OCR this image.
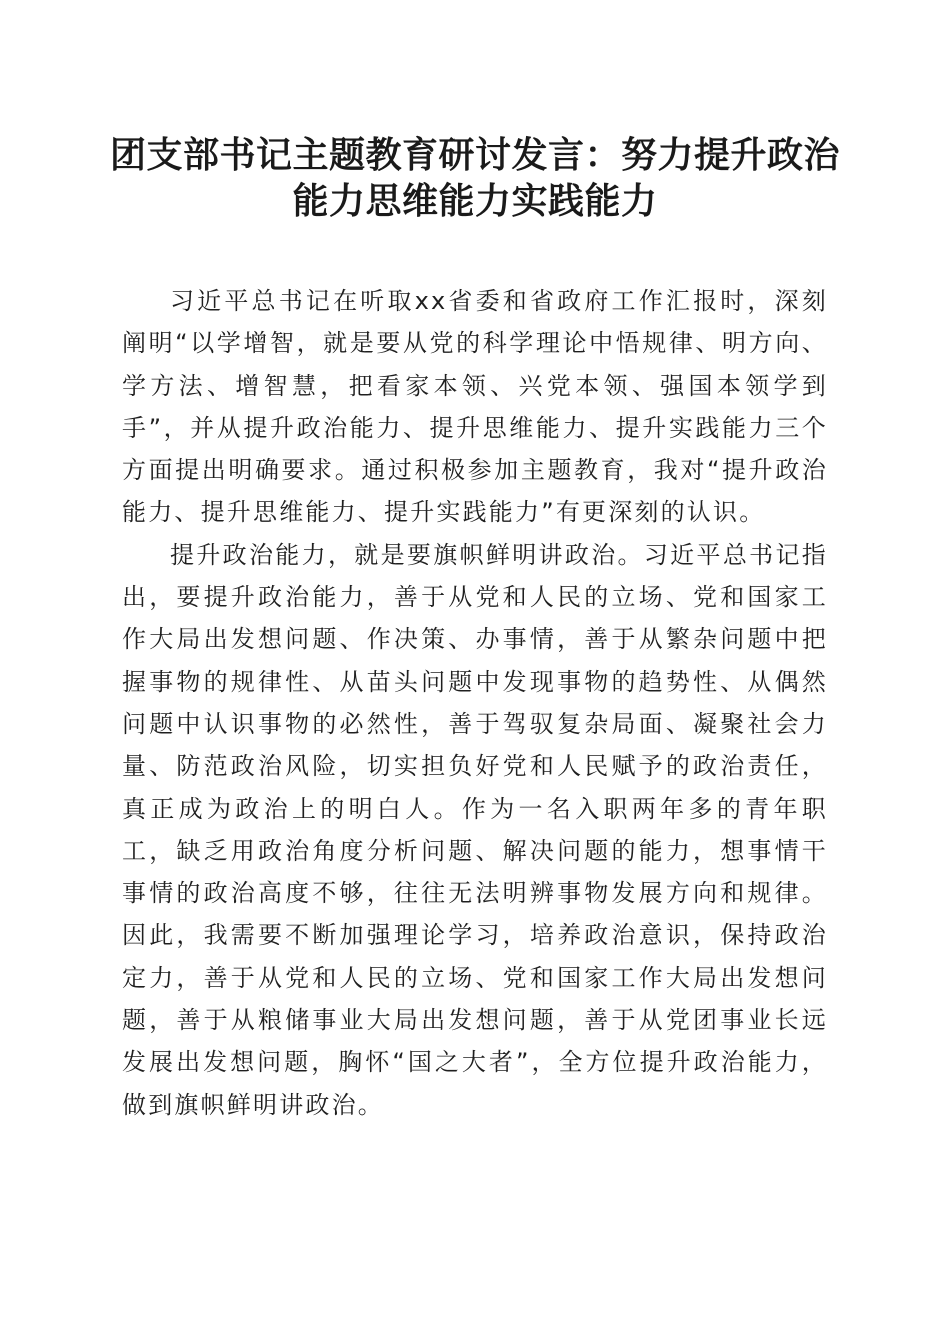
团支部书记主题教育研讨发言：努力提升政治
能力思维能力实践能力

习近平总书记在听取xx省委和省政府工作汇报时，深刻阐明“以学增智，就是要从党的科学理论中悟规律、明方向、学方法、增智慧，把看家本领、兴党本领、强国本领学到手”，并从提升政治能力、提升思维能力、提升实践能力三个方面提出明确要求。通过积极参加主题教育，我对“提升政治能力、提升思维能力、提升实践能力”有更深刻的认识。

提升政治能力，就是要旗帜鲜明讲政治。习近平总书记指出，要提升政治能力，善于从党和人民的立场、党和国家工作大局出发想问题、作决策、办事情，善于从繁杂问题中把握事物的规律性、从苗头问题中发现事物的趋势性、从偶然问题中认识事物的必然性，善于驾驭复杂局面、凝聚社会力量、防范政治风险，切实担负好党和人民赋予的政治责任，真正成为政治上的明白人。作为一名入职两年多的青年职工，缺乏用政治角度分析问题、解决问题的能力，想事情干事情的政治高度不够，往往无法明辨事物发展方向和规律。因此，我需要不断加强理论学习，培养政治意识，保持政治定力，善于从党和人民的立场、党和国家工作大局出发想问题，善于从粮储事业大局出发想问题，善于从党团事业长远发展出发想问题，胸怀“国之大者”，全方位提升政治能力，做到旗帜鲜明讲政治。
